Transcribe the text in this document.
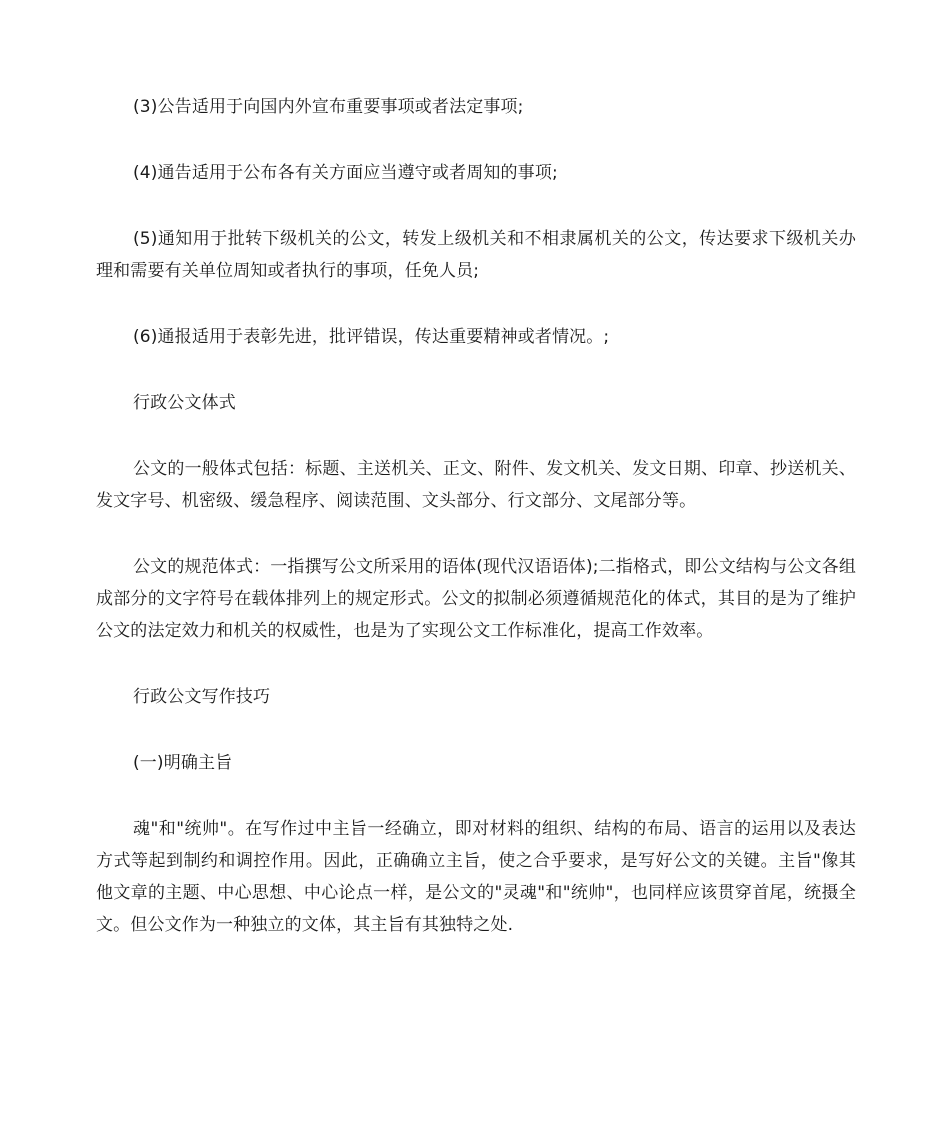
(3)公告适用于向国内外宣布重要事项或者法定事项;

(4)通告适用于公布各有关方面应当遵守或者周知的事项;

(5)通知用于批转下级机关的公文，转发上级机关和不相隶属机关的公文，传达要求下级机关办理和需要有关单位周知或者执行的事项，任免人员;

(6)通报适用于表彰先进，批评错误，传达重要精神或者情况。;

行政公文体式

公文的一般体式包括：标题、主送机关、正文、附件、发文机关、发文日期、印章、抄送机关、发文字号、机密级、缓急程序、阅读范围、文头部分、行文部分、文尾部分等。

公文的规范体式：一指撰写公文所采用的语体(现代汉语语体);二指格式，即公文结构与公文各组成部分的文字符号在载体排列上的规定形式。公文的拟制必须遵循规范化的体式，其目的是为了维护公文的法定效力和机关的权威性，也是为了实现公文工作标准化，提高工作效率。

行政公文写作技巧

(一)明确主旨

魂"和"统帅"。在写作过中主旨一经确立，即对材料的组织、结构的布局、语言的运用以及表达方式等起到制约和调控作用。因此，正确确立主旨，使之合乎要求，是写好公文的关键。主旨"像其他文章的主题、中心思想、中心论点一样，是公文的"灵魂"和"统帅"，也同样应该贯穿首尾，统摄全文。但公文作为一种独立的文体，其主旨有其独特之处.
